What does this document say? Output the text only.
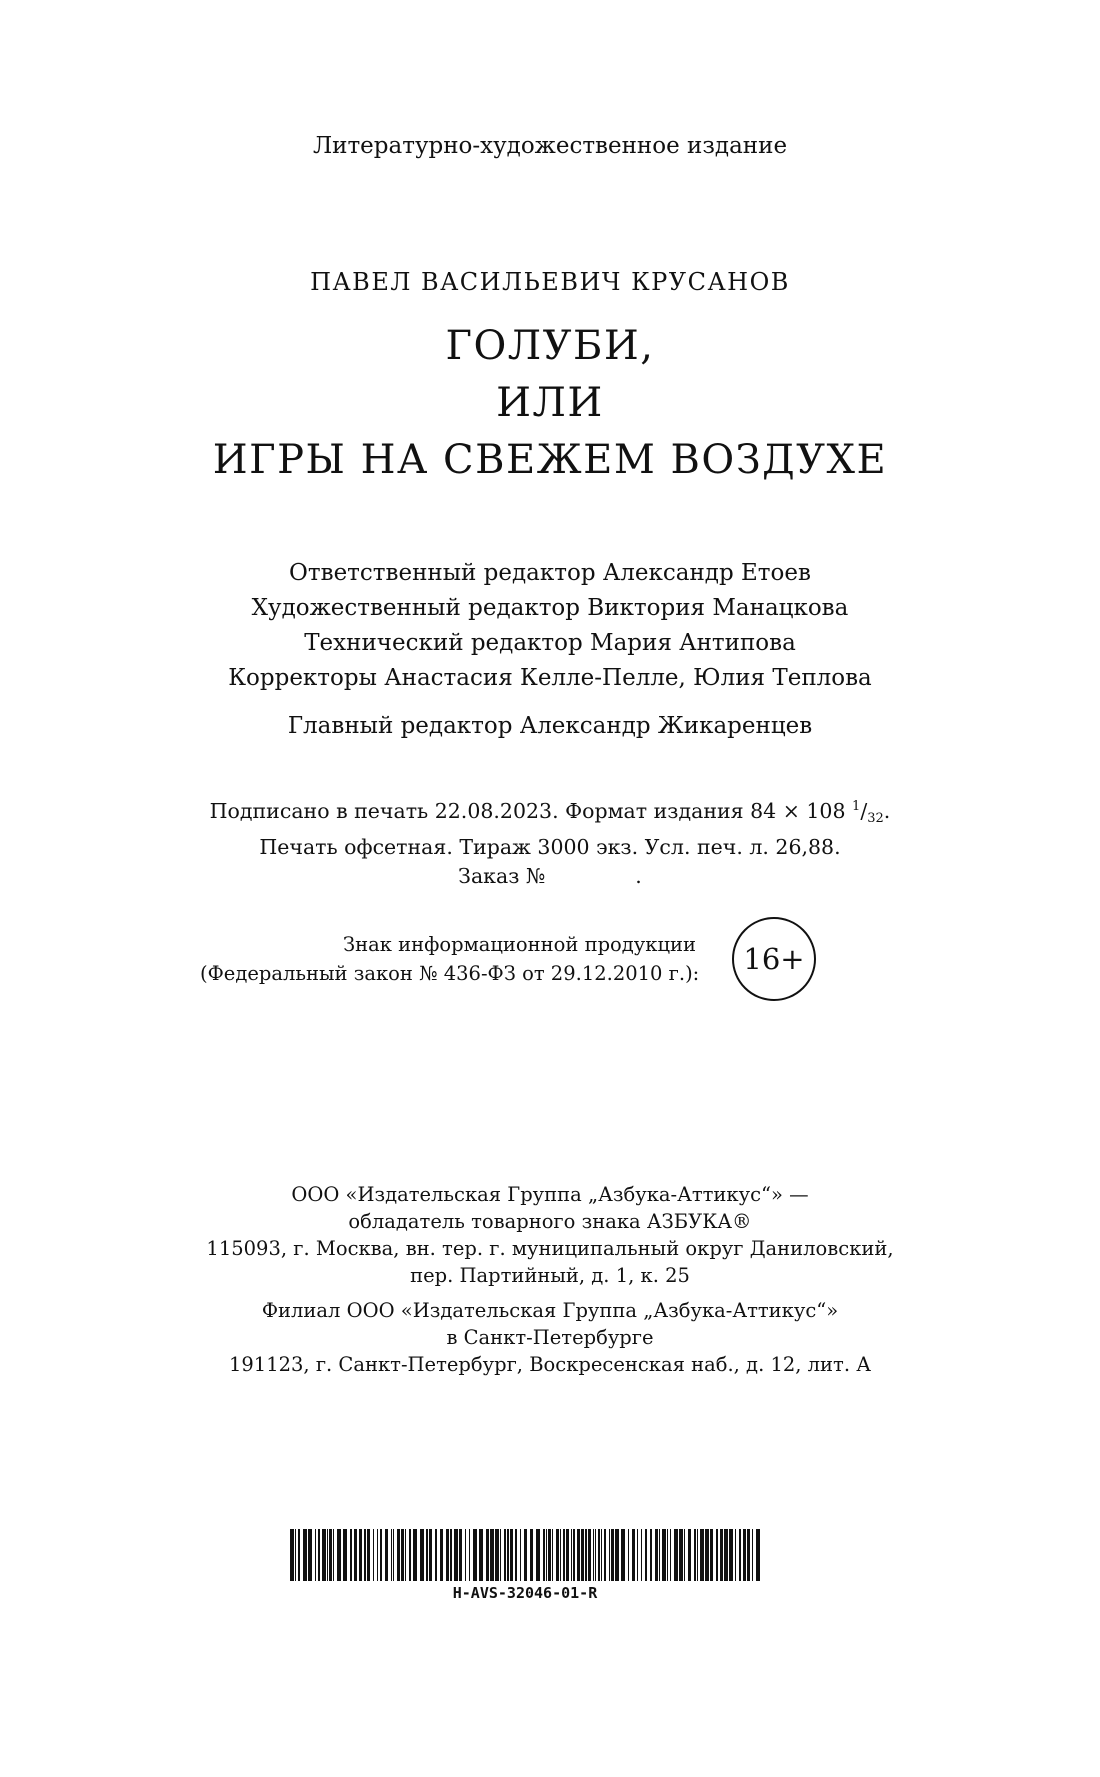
Литературно-художественное издание
ПАВЕЛ ВАСИЛЬЕВИЧ КРУСАНОВ
ГОЛУБИ,
ИЛИ
ИГРЫ НА СВЕЖЕМ ВОЗДУХЕ
Ответственный редактор Александр Етоев
Художественный редактор Виктория Манацкова
Технический редактор Мария Антипова
Корректоры Анастасия Келле-Пелле, Юлия Теплова
Главный редактор Александр Жикаренцев
Подписано в печать 22.08.2023. Формат издания 84 × 108 $^1/_{32}$.
Печать офсетная. Тираж 3000 экз. Усл. печ. л. 26,88.
Заказ №	.
Знак информационной продукции
(Федеральный закон № 436-ФЗ от 29.12.2010 г.): 16+
ООО «Издательская Группа „Азбука-Аттикус“» —
обладатель товарного знака АЗБУКА®
115093, г. Москва, вн. тер. г. муниципальный округ Даниловский,
пер. Партийный, д. 1, к. 25
Филиал ООО «Издательская Группа „Азбука-Аттикус“»
в Санкт-Петербурге
191123, г. Санкт-Петербург, Воскресенская наб., д. 12, лит. А
H-AVS-32046-01-R
